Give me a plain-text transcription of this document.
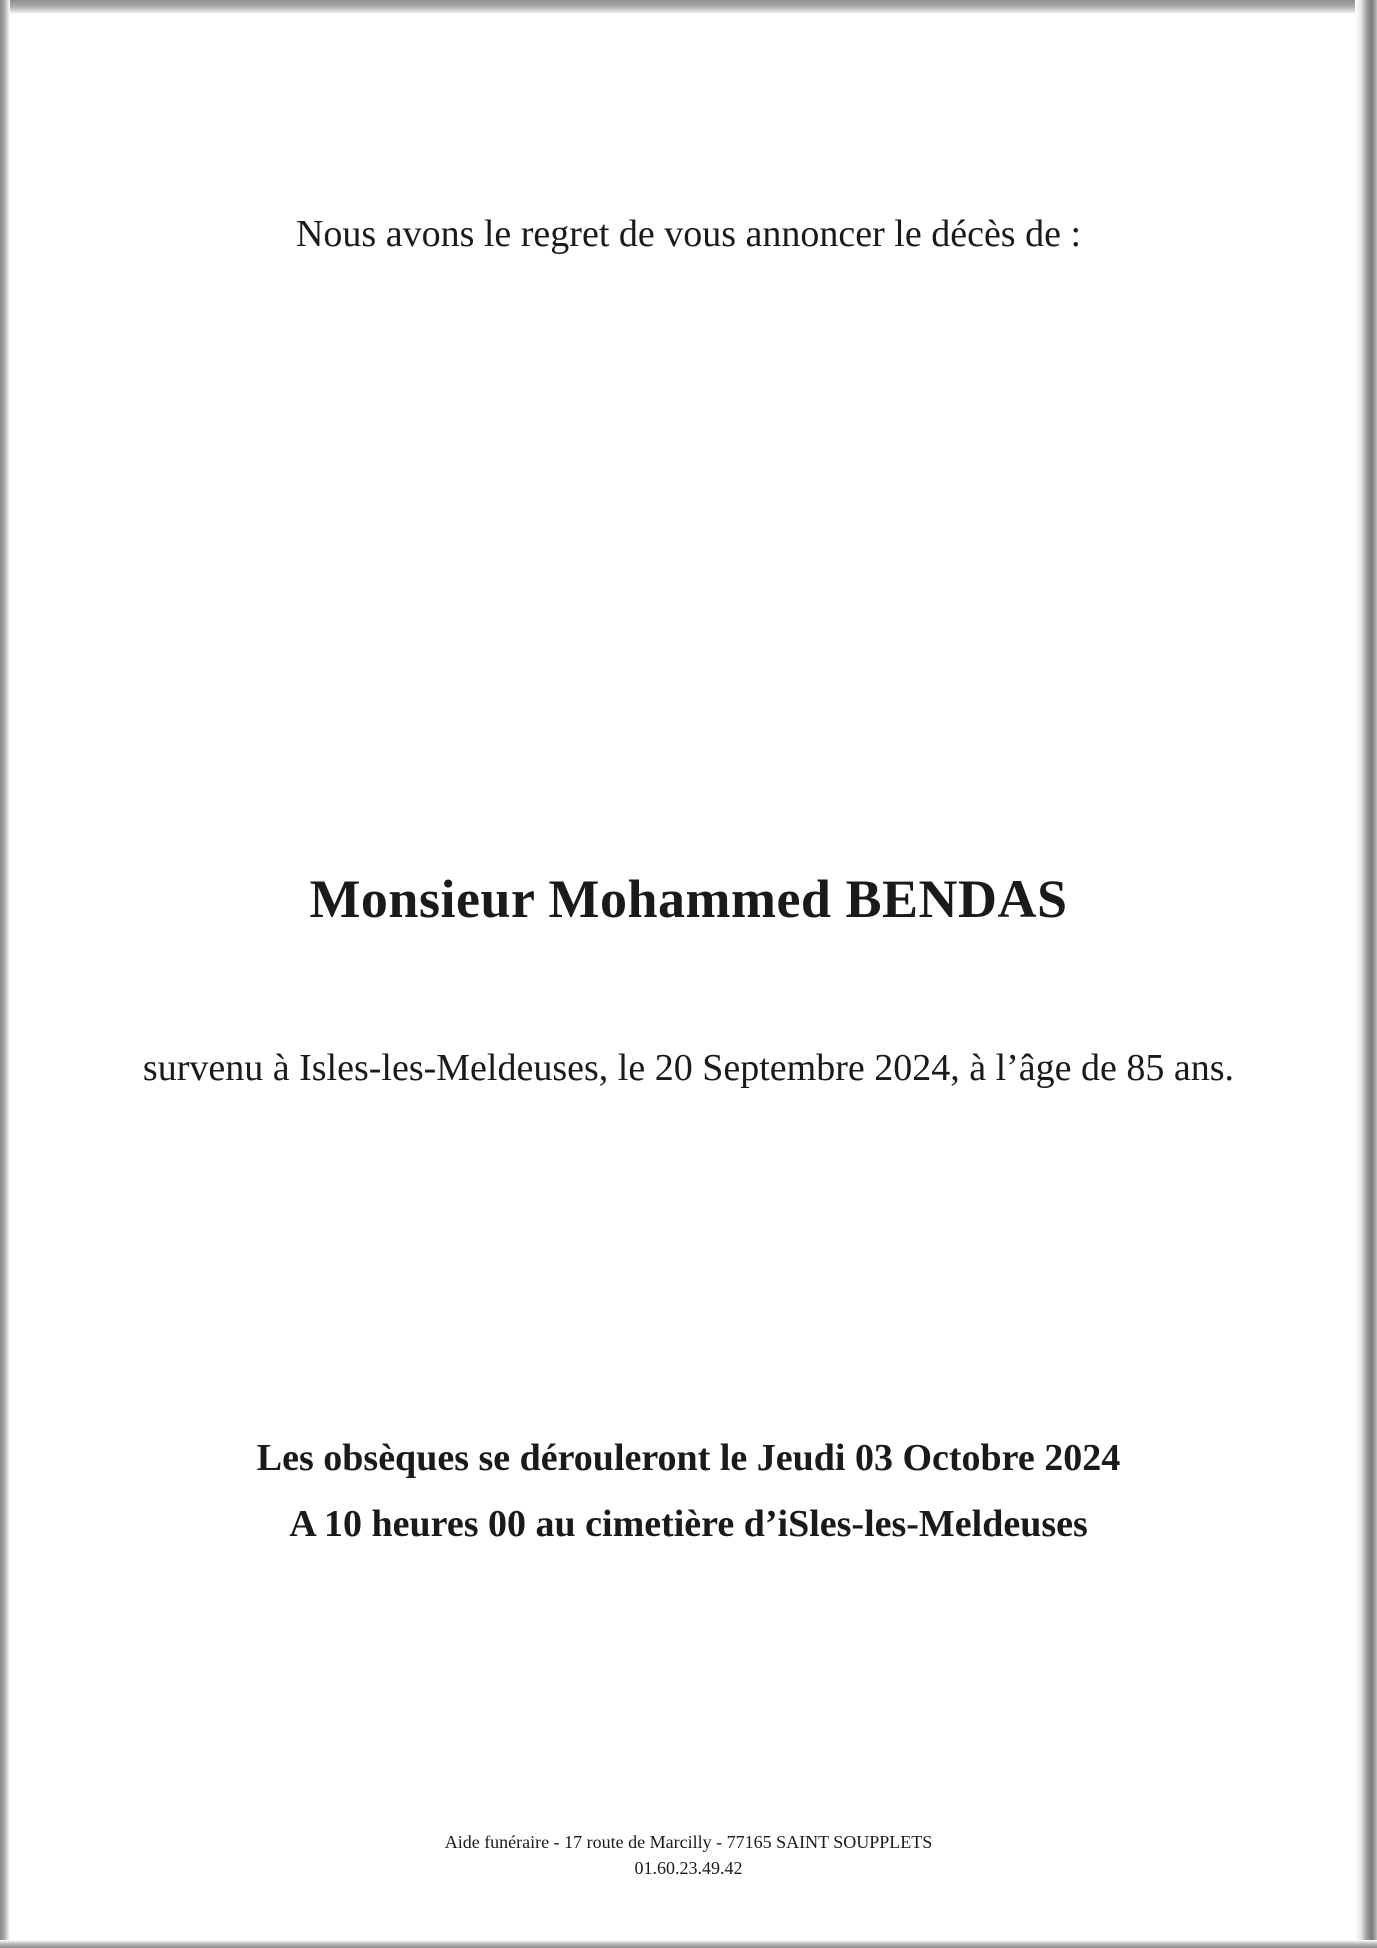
Nous avons le regret de vous annoncer le décès de :

Monsieur Mohammed BENDAS

survenu à Isles-les-Meldeuses, le 20 Septembre 2024, à l’âge de 85 ans.

Les obsèques se dérouleront le Jeudi 03 Octobre 2024

A 10 heures 00 au cimetière d’iSles-les-Meldeuses

Aide funéraire - 17 route de Marcilly - 77165 SAINT SOUPPLETS

01.60.23.49.42
